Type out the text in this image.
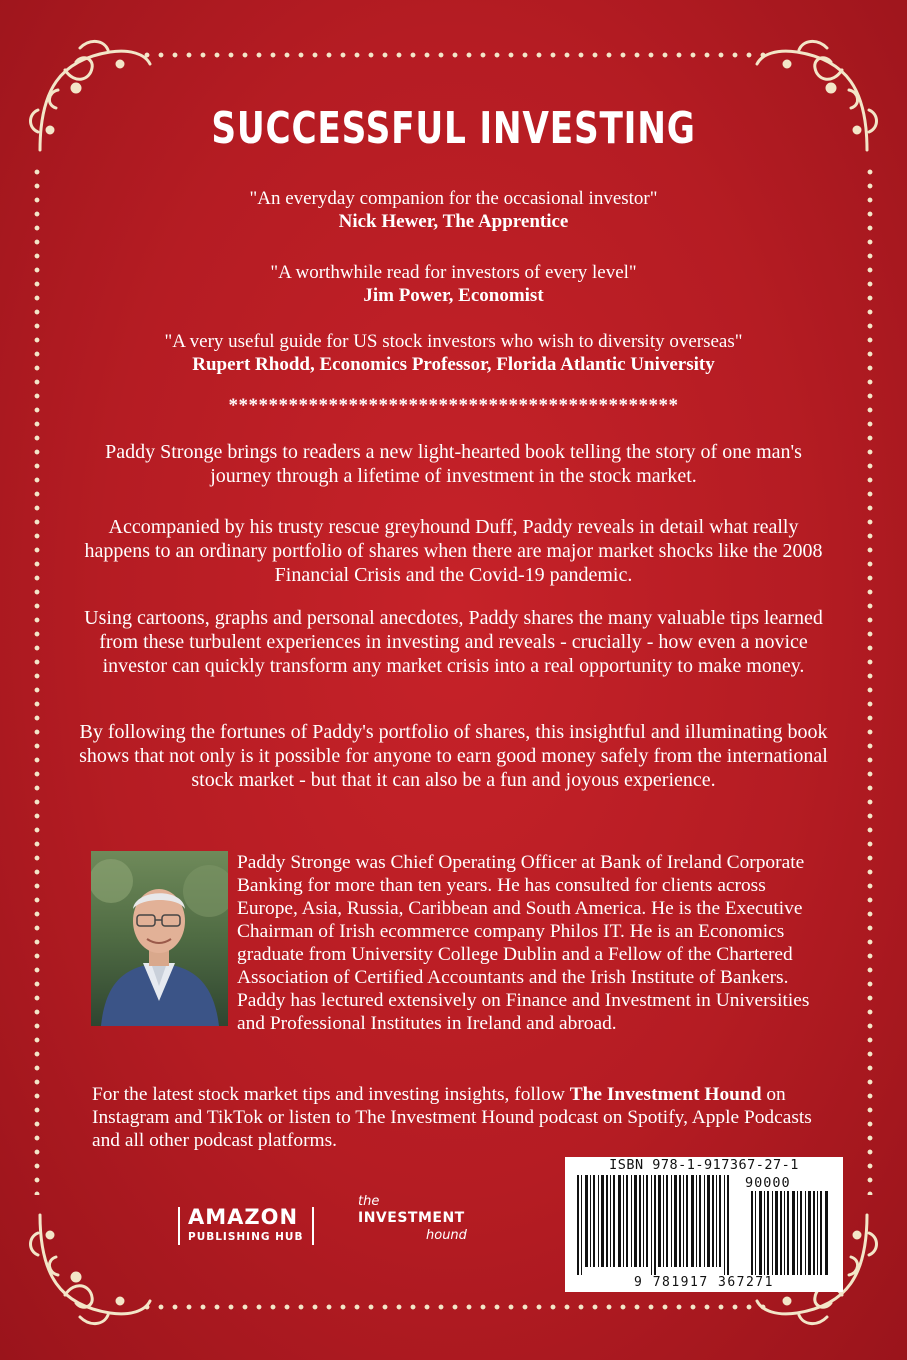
SUCCESSFUL INVESTING
"An everyday companion for the occasional investor"
Nick Hewer, The Apprentice
"A worthwhile read for investors of every level"
Jim Power, Economist
"A very useful guide for US stock investors who wish to diversity overseas"
Rupert Rhodd, Economics Professor, Florida Atlantic University
*********************************************
Paddy Stronge brings to readers a new light-hearted book telling the story of one man's journey through a lifetime of investment in the stock market.
Accompanied by his trusty rescue greyhound Duff, Paddy reveals in detail what really happens to an ordinary portfolio of shares when there are major market shocks like the 2008 Financial Crisis and the Covid-19 pandemic.
Using cartoons, graphs and personal anecdotes, Paddy shares the many valuable tips learned from these turbulent experiences in investing and reveals - crucially - how even a novice investor can quickly transform any market crisis into a real opportunity to make money.
By following the fortunes of Paddy's portfolio of shares, this insightful and illuminating book shows that not only is it possible for anyone to earn good money safely from the international stock market - but that it can also be a fun and joyous experience.
Paddy Stronge was Chief Operating Officer at Bank of Ireland Corporate Banking for more than ten years. He has consulted for clients across Europe, Asia, Russia, Caribbean and South America. He is the Executive Chairman of Irish ecommerce company Philos IT. He is an Economics graduate from University College Dublin and a Fellow of the Chartered Association of Certified Accountants and the Irish Institute of Bankers. Paddy has lectured extensively on Finance and Investment in Universities and Professional Institutes in Ireland and abroad.
For the latest stock market tips and investing insights, follow The Investment Hound on Instagram and TikTok or listen to The Investment Hound podcast on Spotify, Apple Podcasts and all other podcast platforms.
ISBN 978-1-917367-27-1
90000
9 781917 367271
AMAZON
PUBLISHING HUB
the
INVESTMENT
hound
